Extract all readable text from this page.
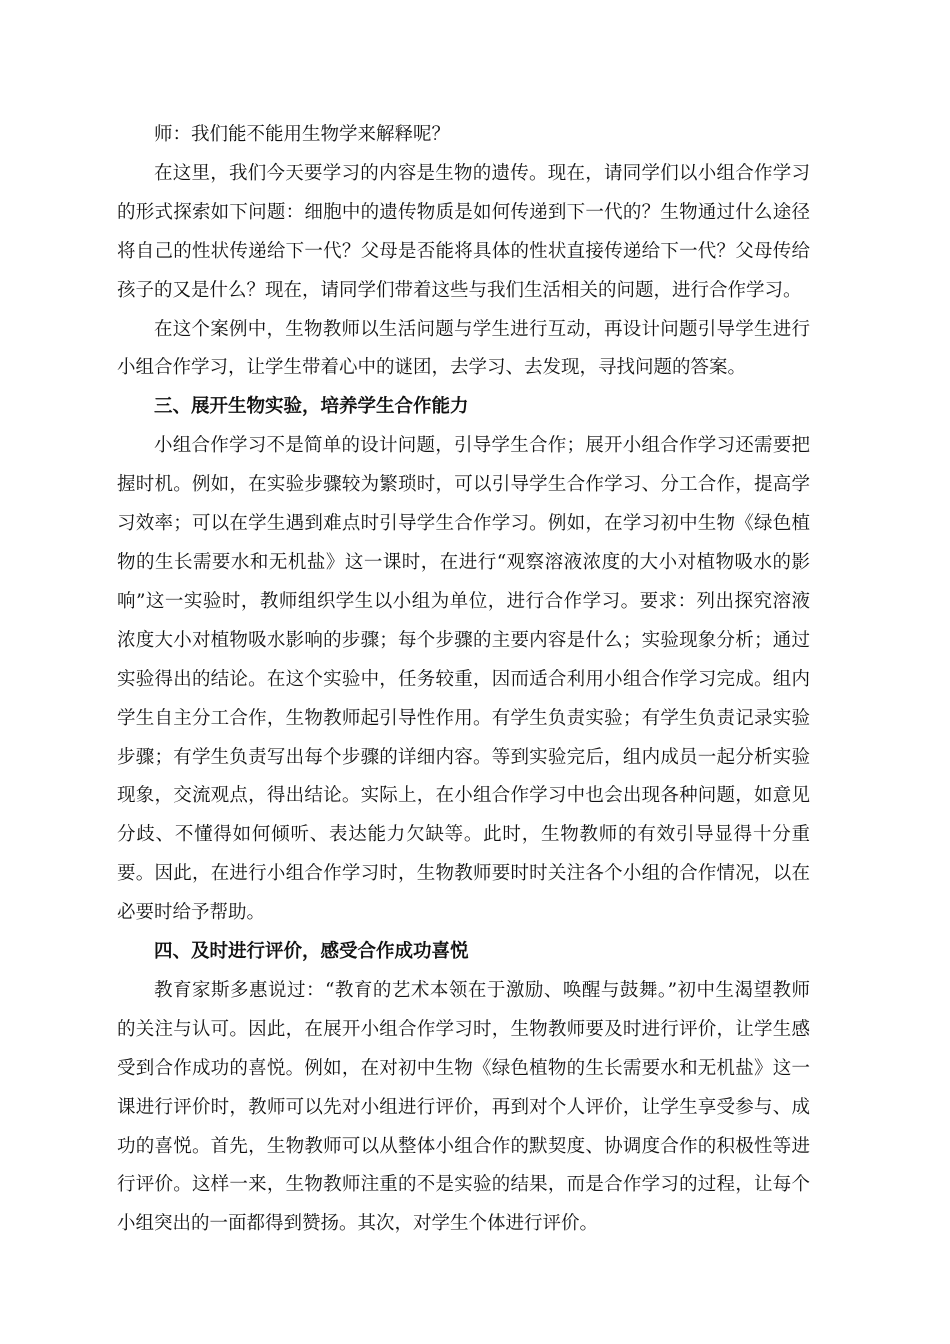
师：我们能不能用生物学来解释呢？

在这里，我们今天要学习的内容是生物的遗传。现在，请同学们以小组合作学习的形式探索如下问题：细胞中的遗传物质是如何传递到下一代的？生物通过什么途径将自己的性状传递给下一代？父母是否能将具体的性状直接传递给下一代？父母传给孩子的又是什么？现在，请同学们带着这些与我们生活相关的问题，进行合作学习。

在这个案例中，生物教师以生活问题与学生进行互动，再设计问题引导学生进行小组合作学习，让学生带着心中的谜团，去学习、去发现，寻找问题的答案。

三、展开生物实验，培养学生合作能力

小组合作学习不是简单的设计问题，引导学生合作；展开小组合作学习还需要把握时机。例如，在实验步骤较为繁琐时，可以引导学生合作学习、分工合作，提高学习效率；可以在学生遇到难点时引导学生合作学习。例如，在学习初中生物《绿色植物的生长需要水和无机盐》这一课时，在进行“观察溶液浓度的大小对植物吸水的影响”这一实验时，教师组织学生以小组为单位，进行合作学习。要求：列出探究溶液浓度大小对植物吸水影响的步骤；每个步骤的主要内容是什么；实验现象分析；通过实验得出的结论。在这个实验中，任务较重，因而适合利用小组合作学习完成。组内学生自主分工合作，生物教师起引导性作用。有学生负责实验；有学生负责记录实验步骤；有学生负责写出每个步骤的详细内容。等到实验完后，组内成员一起分析实验现象，交流观点，得出结论。实际上，在小组合作学习中也会出现各种问题，如意见分歧、不懂得如何倾听、表达能力欠缺等。此时，生物教师的有效引导显得十分重要。因此，在进行小组合作学习时，生物教师要时时关注各个小组的合作情况，以在必要时给予帮助。

四、及时进行评价，感受合作成功喜悦

教育家斯多惠说过：“教育的艺术本领在于激励、唤醒与鼓舞。”初中生渴望教师的关注与认可。因此，在展开小组合作学习时，生物教师要及时进行评价，让学生感受到合作成功的喜悦。例如，在对初中生物《绿色植物的生长需要水和无机盐》这一课进行评价时，教师可以先对小组进行评价，再到对个人评价，让学生享受参与、成功的喜悦。首先，生物教师可以从整体小组合作的默契度、协调度合作的积极性等进行评价。这样一来，生物教师注重的不是实验的结果，而是合作学习的过程，让每个小组突出的一面都得到赞扬。其次，对学生个体进行评价。
